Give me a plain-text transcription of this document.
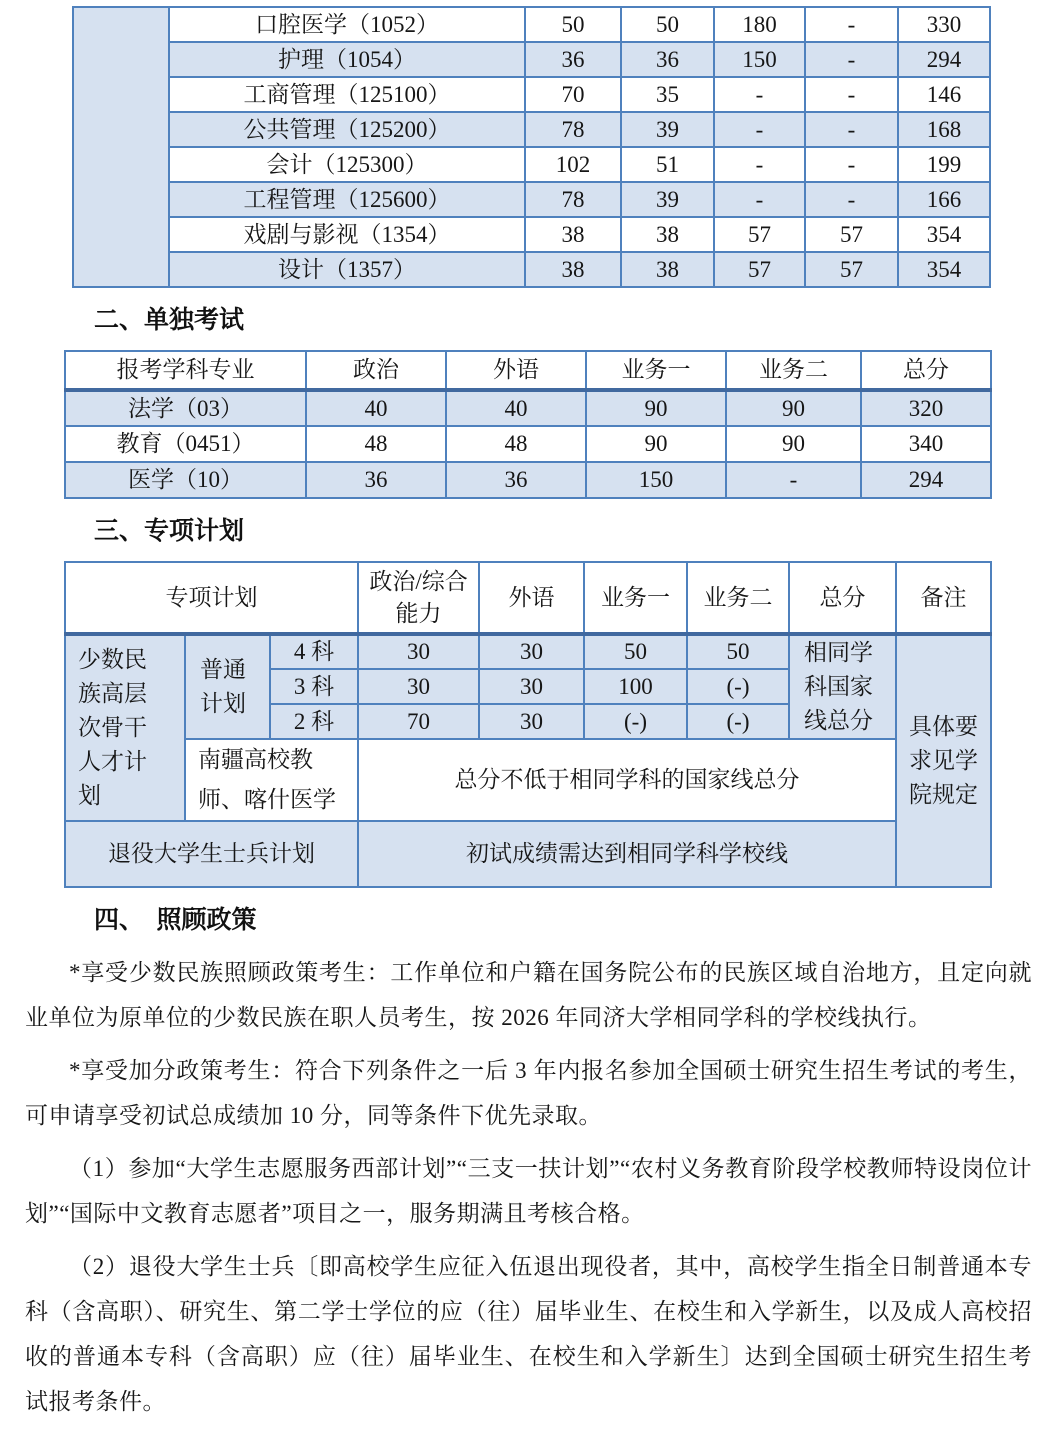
	口腔医学（1052）	50	50	180	-	330
	护理（1054）	36	36	150	-	294
	工商管理（125100）	70	35	-	-	146
	公共管理（125200）	78	39	-	-	168
	会计（125300）	102	51	-	-	199
	工程管理（125600）	78	39	-	-	166
	戏剧与影视（1354）	38	38	57	57	354
	设计（1357）	38	38	57	57	354
二、单独考试
报考学科专业	政治	外语	业务一	业务二	总分
法学（03）	40	40	90	90	320
教育（0451）	48	48	90	90	340
医学（10）	36	36	150	-	294
三、专项计划
专项计划			政治/综合能力	外语	业务一	业务二	总分	备注
少数民族高层次骨干人才计划	普通计划	4 科	30	30	50	50	相同学科国家线总分	具体要求见学院规定
		3 科	30	30	100	(-)		
		2 科	70	30	(-)	(-)		
	南疆高校教师、喀什医学		总分不低于相同学科的国家线总分					
退役大学生士兵计划			初试成绩需达到相同学科学校线					
四、　照顾政策

*享受少数民族照顾政策考生：工作单位和户籍在国务院公布的民族区域自治地方，且定向就业单位为原单位的少数民族在职人员考生，按 2026 年同济大学相同学科的学校线执行。

*享受加分政策考生：符合下列条件之一后 3 年内报名参加全国硕士研究生招生考试的考生，可申请享受初试总成绩加 10 分，同等条件下优先录取。

（1）参加“大学生志愿服务西部计划”“三支一扶计划”“农村义务教育阶段学校教师特设岗位计划”“国际中文教育志愿者”项目之一，服务期满且考核合格。

（2）退役大学生士兵〔即高校学生应征入伍退出现役者，其中，高校学生指全日制普通本专科（含高职）、研究生、第二学士学位的应（往）届毕业生、在校生和入学新生，以及成人高校招收的普通本专科（含高职）应（往）届毕业生、在校生和入学新生〕达到全国硕士研究生招生考试报考条件。
